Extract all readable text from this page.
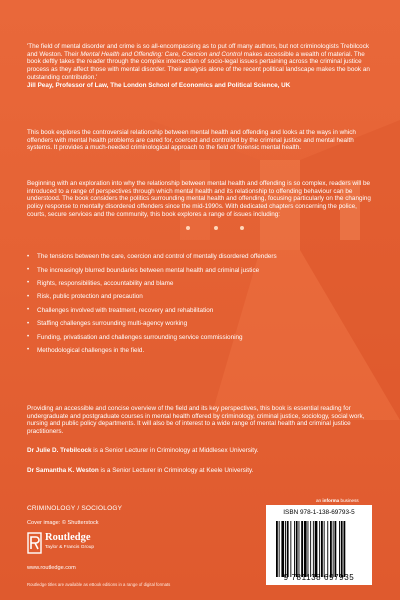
'The field of mental disorder and crime is so all-encompassing as to put off many authors, but not criminologists Trebilcock and Weston. Their Mental Health and Offending: Care, Coercion and Control makes accessible a wealth of material. The book deftly takes the reader through the complex intersection of socio-legal issues pertaining across the criminal justice process as they affect those with mental disorder. Their analysis alone of the recent political landscape makes the book an outstanding contribution.'

Jill Peay, Professor of Law, The London School of Economics and Political Science, UK

This book explores the controversial relationship between mental health and offending and looks at the ways in which offenders with mental health problems are cared for, coerced and controlled by the criminal justice and mental health systems. It provides a much-needed criminological approach to the field of forensic mental health.

Beginning with an exploration into why the relationship between mental health and offending is so complex, readers will be introduced to a range of perspectives through which mental health and its relationship to offending behaviour can be understood. The book considers the politics surrounding mental health and offending, focusing particularly on the changing policy response to mentally disordered offenders since the mid-1990s. With dedicated chapters concerning the police, courts, secure services and the community, this book explores a range of issues including:

•	The tensions between the care, coercion and control of mentally disordered offenders
•	The increasingly blurred boundaries between mental health and criminal justice
•	Rights, responsibilities, accountability and blame
•	Risk, public protection and precaution
•	Challenges involved with treatment, recovery and rehabilitation
•	Staffing challenges surrounding multi-agency working
•	Funding, privatisation and challenges surrounding service commissioning
•	Methodological challenges in the field.

Providing an accessible and concise overview of the field and its key perspectives, this book is essential reading for undergraduate and postgraduate courses in mental health offered by criminology, criminal justice, sociology, social work, nursing and public policy departments. It will also be of interest to a wide range of mental health and criminal justice practitioners.

Dr Julie D. Trebilcock is a Senior Lecturer in Criminology at Middlesex University.

Dr Samantha K. Weston is a Senior Lecturer in Criminology at Keele University.

CRIMINOLOGY / SOCIOLOGY
Cover image: © Shutterstock
Routledge
Taylor & Francis Group
www.routledge.com
Routledge titles are available as eBook editions in a range of digital formats
an informa business
ISBN 978-1-138-69793-5
9 781138 697935
